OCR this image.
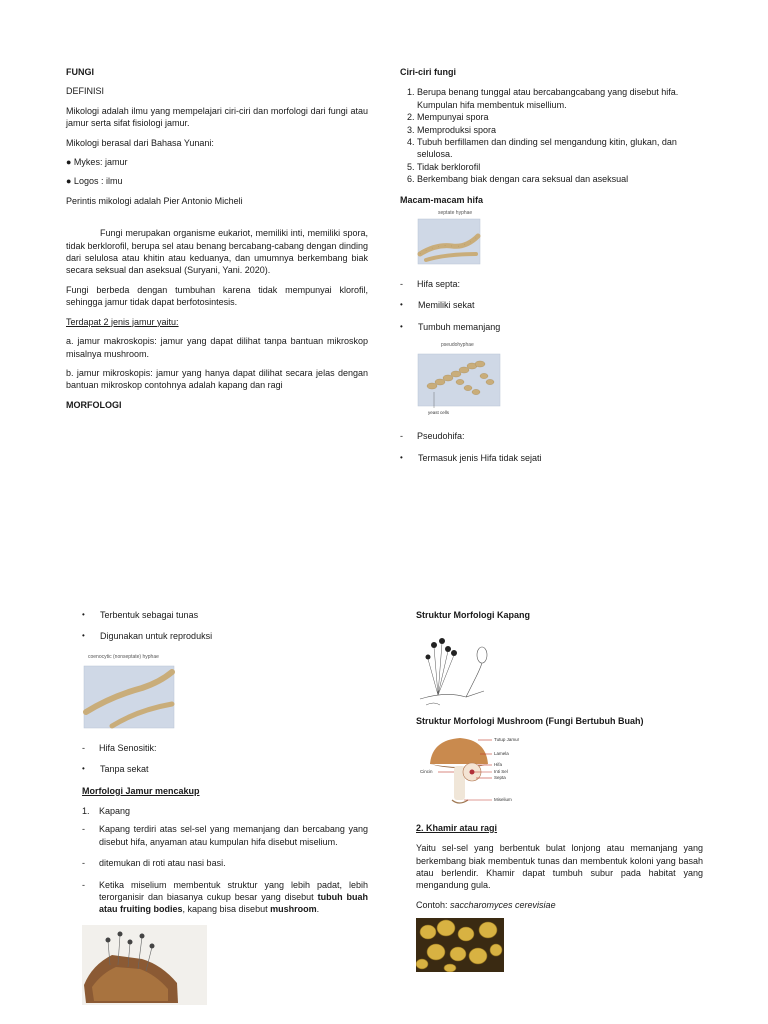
FUNGI

DEFINISI

Mikologi adalah ilmu yang mempelajari ciri-ciri dan morfologi dari fungi atau jamur serta sifat fisiologi jamur.

Mikologi berasal dari Bahasa Yunani:

● Mykes: jamur

● Logos : ilmu

Perintis mikologi adalah Pier Antonio Micheli

Fungi merupakan organisme eukariot, memiliki inti, memiliki spora, tidak berklorofil, berupa sel atau benang bercabang-cabang dengan dinding dari selulosa atau khitin atau keduanya, dan umumnya berkembang biak secara seksual dan aseksual (Suryani, Yani. 2020).

Fungi berbeda dengan tumbuhan karena tidak mempunyai klorofil, sehingga jamur tidak dapat berfotosintesis.

Terdapat 2 jenis jamur yaitu:

a. jamur makroskopis: jamur yang dapat dilihat tanpa bantuan mikroskop misalnya mushroom.

b. jamur mikroskopis: jamur yang hanya dapat dilihat secara jelas dengan bantuan mikroskop contohnya adalah kapang dan ragi

MORFOLOGI

Ciri-ciri fungi

1. Berupa benang tunggal atau bercabangcabang yang disebut hifa. Kumpulan hifa membentuk misellium.
2. Mempunyai spora
3. Memproduksi spora
4. Tubuh berfillamen dan dinding sel mengandung kitin, glukan, dan selulosa.
5. Tidak berklorofil
6. Berkembang biak dengan cara seksual dan aseksual

Macam-macam hifa

septate hyphae
-	Hifa septa:
•	Memiliki sekat
•	Tumbuh memanjang
pseudohyphae
yeast cells
-	Pseudohifa:
•	Termasuk jenis Hifa tidak sejati
•	Terbentuk sebagai tunas
•	Digunakan untuk reproduksi
coenocytic (nonseptate) hyphae
-	Hifa Senositik:
•	Tanpa sekat

Morfologi Jamur mencakup

1.	Kapang
-	Kapang terdiri atas sel-sel yang memanjang dan bercabang yang disebut hifa, anyaman atau kumpulan hifa disebut miselium.
-	ditemukan di roti atau nasi basi.
-	Ketika miselium membentuk struktur yang lebih padat, lebih terorganisir dan biasanya cukup besar yang disebut tubuh buah atau fruiting bodies, kapang bisa disebut mushroom.

Struktur Morfologi Kapang

Struktur Morfologi Mushroom (Fungi Bertubuh Buah)

Tutup Jamur
Lamela
Hifa
Inti Sel
Septa
Miselium
Cincin

2. Khamir atau ragi

Yaitu sel-sel yang berbentuk bulat lonjong atau memanjang yang berkembang biak membentuk tunas dan membentuk koloni yang basah atau berlendir. Khamir dapat tumbuh subur pada habitat yang mengandung gula.

Contoh: saccharomyces cerevisiae
